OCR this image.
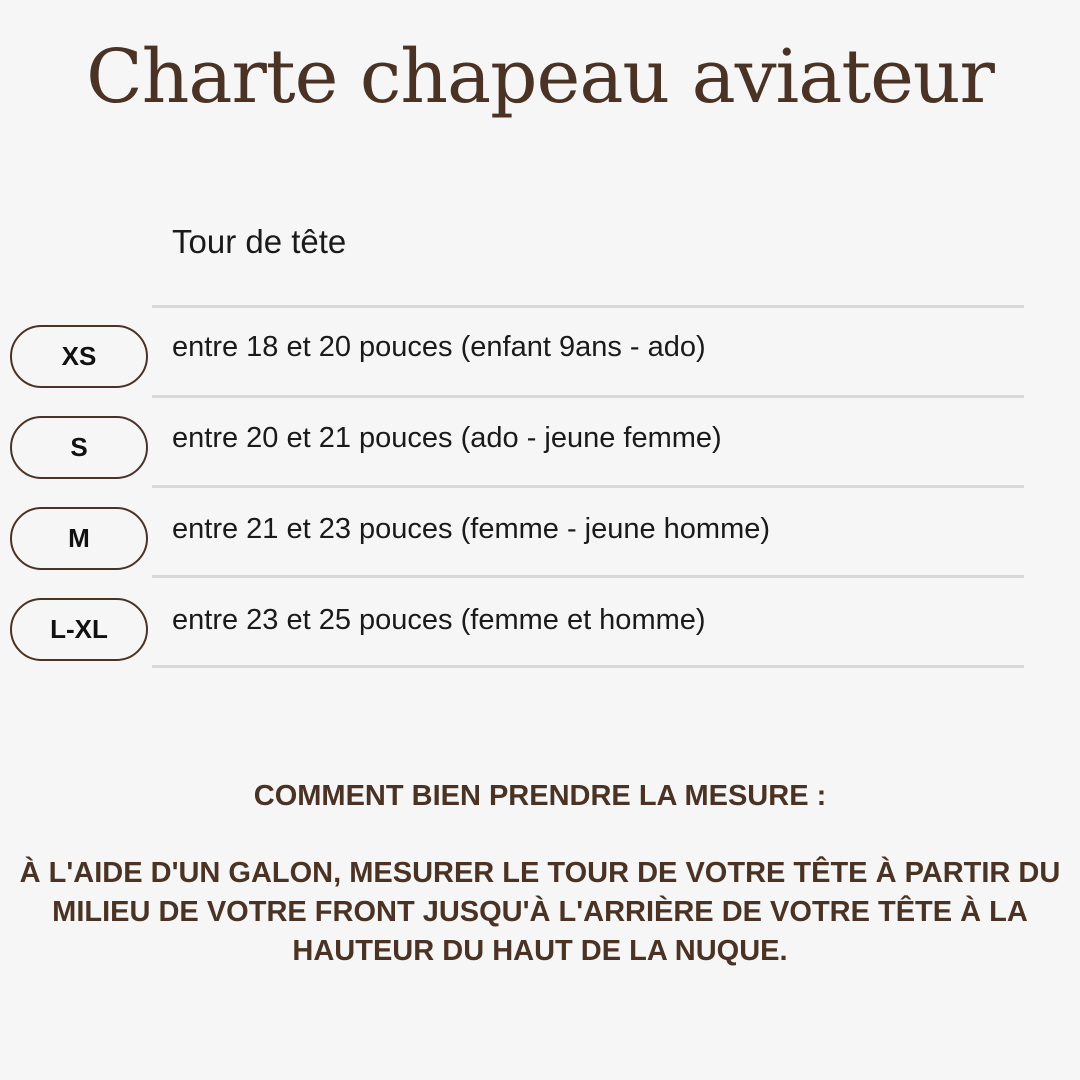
Charte chapeau aviateur
Tour de tête
XS	entre 18 et 20 pouces (enfant 9ans - ado)
S	entre 20 et 21 pouces (ado - jeune femme)
M	entre 21 et 23 pouces (femme - jeune homme)
L-XL	entre 23 et 25 pouces (femme et homme)
COMMENT BIEN PRENDRE LA MESURE :
À L'AIDE D'UN GALON, MESURER LE TOUR DE VOTRE TÊTE À PARTIR DU
MILIEU DE VOTRE FRONT JUSQU'À L'ARRIÈRE DE VOTRE TÊTE À LA
HAUTEUR DU HAUT DE LA NUQUE.
